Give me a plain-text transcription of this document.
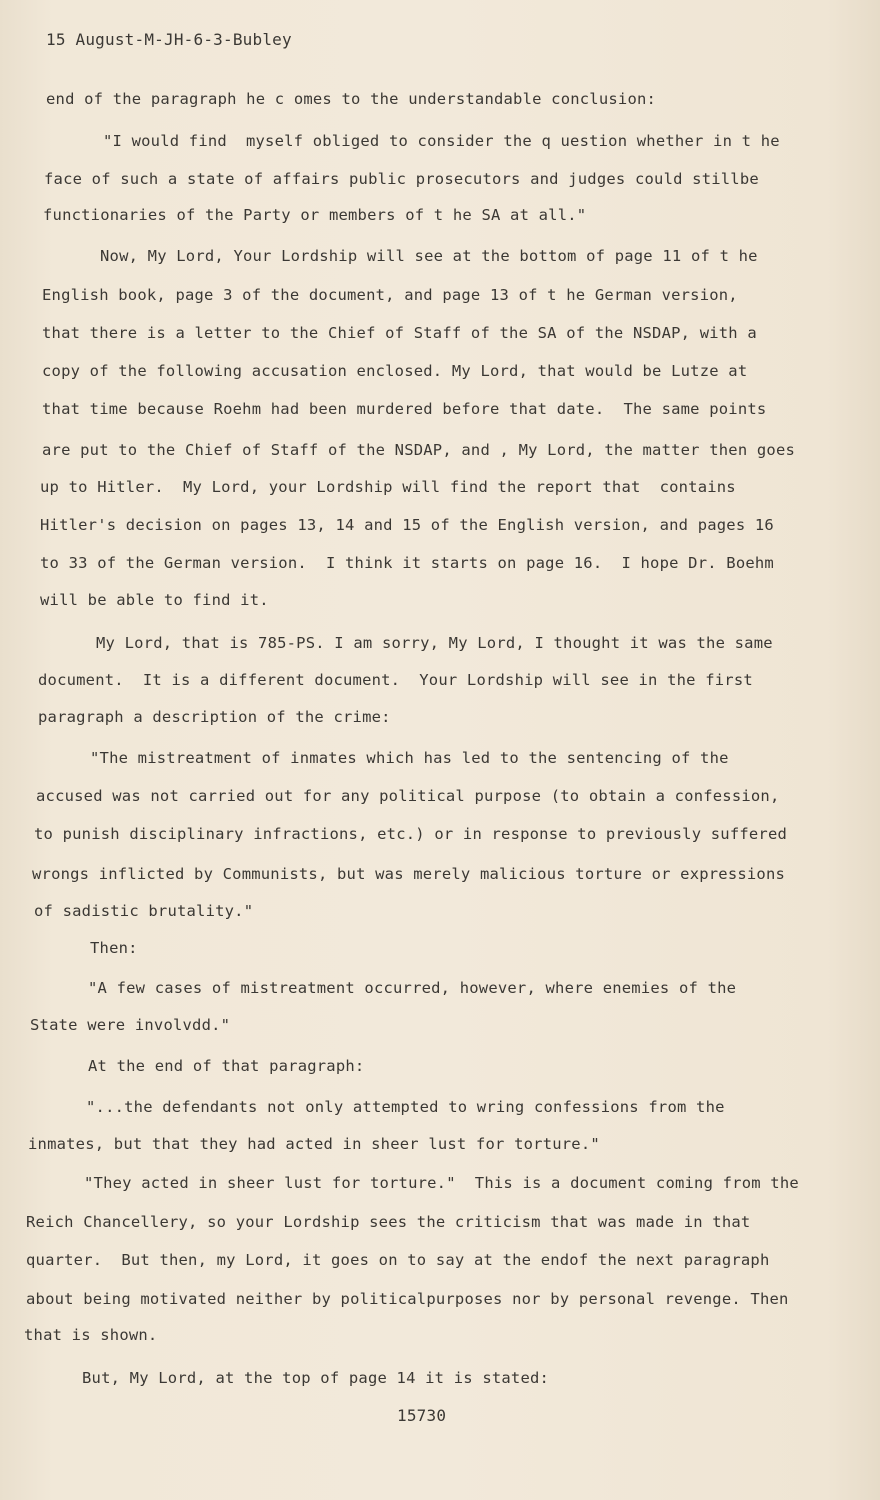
15 August-M-JH-6-3-Bubley
end of the paragraph he c omes to the understandable conclusion:
"I would find  myself obliged to consider the q uestion whether in t he
face of such a state of affairs public prosecutors and judges could stillbe
functionaries of the Party or members of t he SA at all."
Now, My Lord, Your Lordship will see at the bottom of page 11 of t he
English book, page 3 of the document, and page 13 of t he German version,
that there is a letter to the Chief of Staff of the SA of the NSDAP, with a
copy of the following accusation enclosed. My Lord, that would be Lutze at
that time because Roehm had been murdered before that date.  The same points
are put to the Chief of Staff of the NSDAP, and , My Lord, the matter then goes
up to Hitler.  My Lord, your Lordship will find the report that  contains
Hitler's decision on pages 13, 14 and 15 of the English version, and pages 16
to 33 of the German version.  I think it starts on page 16.  I hope Dr. Boehm
will be able to find it.
My Lord, that is 785-PS. I am sorry, My Lord, I thought it was the same
document.  It is a different document.  Your Lordship will see in the first
paragraph a description of the crime:
"The mistreatment of inmates which has led to the sentencing of the
accused was not carried out for any political purpose (to obtain a confession,
to punish disciplinary infractions, etc.) or in response to previously suffered
wrongs inflicted by Communists, but was merely malicious torture or expressions
of sadistic brutality."
Then:
"A few cases of mistreatment occurred, however, where enemies of the
State were involvdd."
At the end of that paragraph:
"...the defendants not only attempted to wring confessions from the
inmates, but that they had acted in sheer lust for torture."
"They acted in sheer lust for torture."  This is a document coming from the
Reich Chancellery, so your Lordship sees the criticism that was made in that
quarter.  But then, my Lord, it goes on to say at the endof the next paragraph
about being motivated neither by politicalpurposes nor by personal revenge. Then
that is shown.
But, My Lord, at the top of page 14 it is stated:
15730
